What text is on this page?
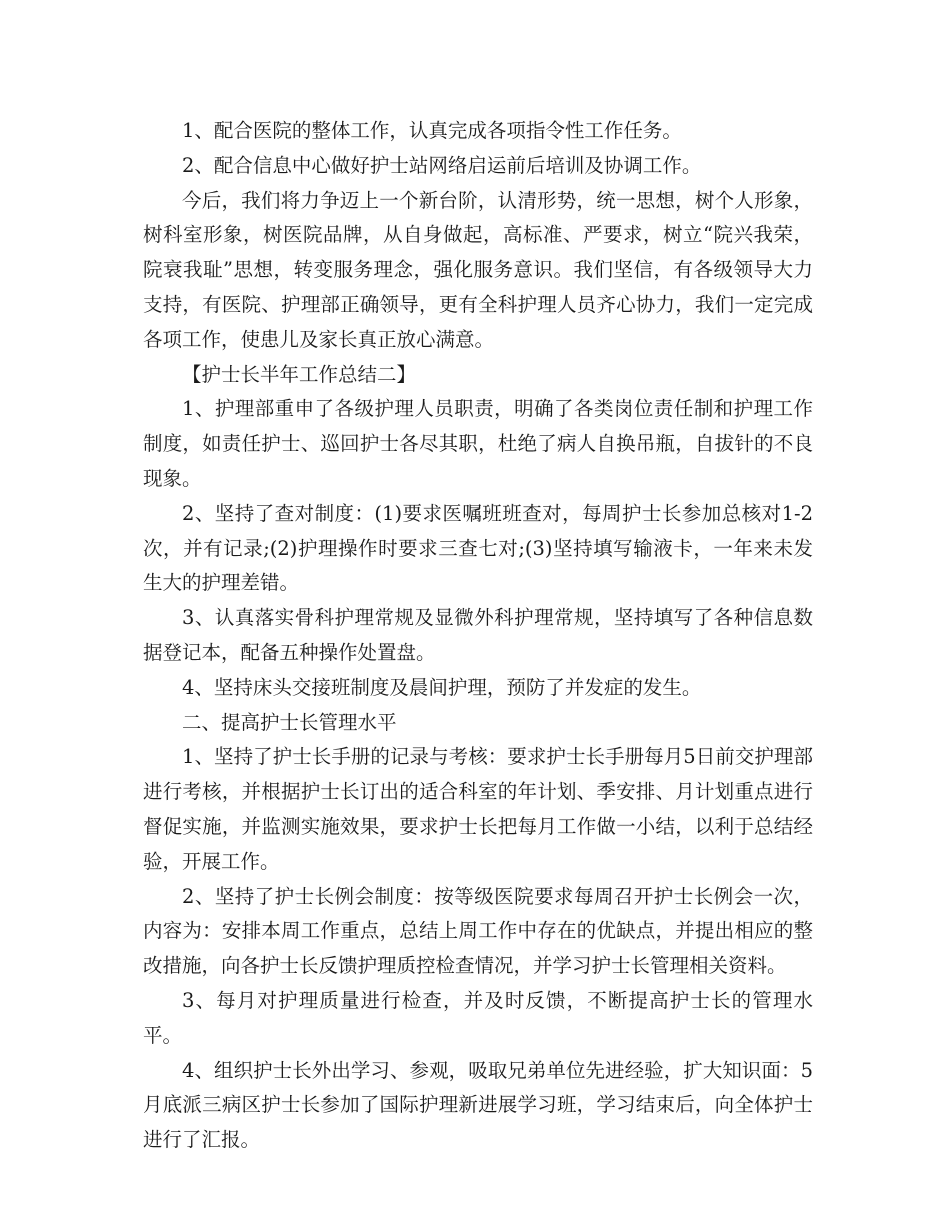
1、配合医院的整体工作，认真完成各项指令性工作任务。

2、配合信息中心做好护士站网络启运前后培训及协调工作。

今后，我们将力争迈上一个新台阶，认清形势，统一思想，树个人形象，树科室形象，树医院品牌，从自身做起，高标准、严要求，树立“院兴我荣，院衰我耻”思想，转变服务理念，强化服务意识。我们坚信，有各级领导大力支持，有医院、护理部正确领导，更有全科护理人员齐心协力，我们一定完成各项工作，使患儿及家长真正放心满意。

【护士长半年工作总结二】

1、护理部重申了各级护理人员职责，明确了各类岗位责任制和护理工作制度，如责任护士、巡回护士各尽其职，杜绝了病人自换吊瓶，自拔针的不良现象。

2、坚持了查对制度：(1)要求医嘱班班查对，每周护士长参加总核对1-2次，并有记录;(2)护理操作时要求三查七对;(3)坚持填写输液卡，一年来未发生大的护理差错。

3、认真落实骨科护理常规及显微外科护理常规，坚持填写了各种信息数据登记本，配备五种操作处置盘。

4、坚持床头交接班制度及晨间护理，预防了并发症的发生。

二、提高护士长管理水平

1、坚持了护士长手册的记录与考核：要求护士长手册每月5日前交护理部进行考核，并根据护士长订出的适合科室的年计划、季安排、月计划重点进行督促实施，并监测实施效果，要求护士长把每月工作做一小结，以利于总结经验，开展工作。

2、坚持了护士长例会制度：按等级医院要求每周召开护士长例会一次，内容为：安排本周工作重点，总结上周工作中存在的优缺点，并提出相应的整改措施，向各护士长反馈护理质控检查情况，并学习护士长管理相关资料。

3、每月对护理质量进行检查，并及时反馈，不断提高护士长的管理水平。

4、组织护士长外出学习、参观，吸取兄弟单位先进经验，扩大知识面：5月底派三病区护士长参加了国际护理新进展学习班，学习结束后，向全体护士进行了汇报。
